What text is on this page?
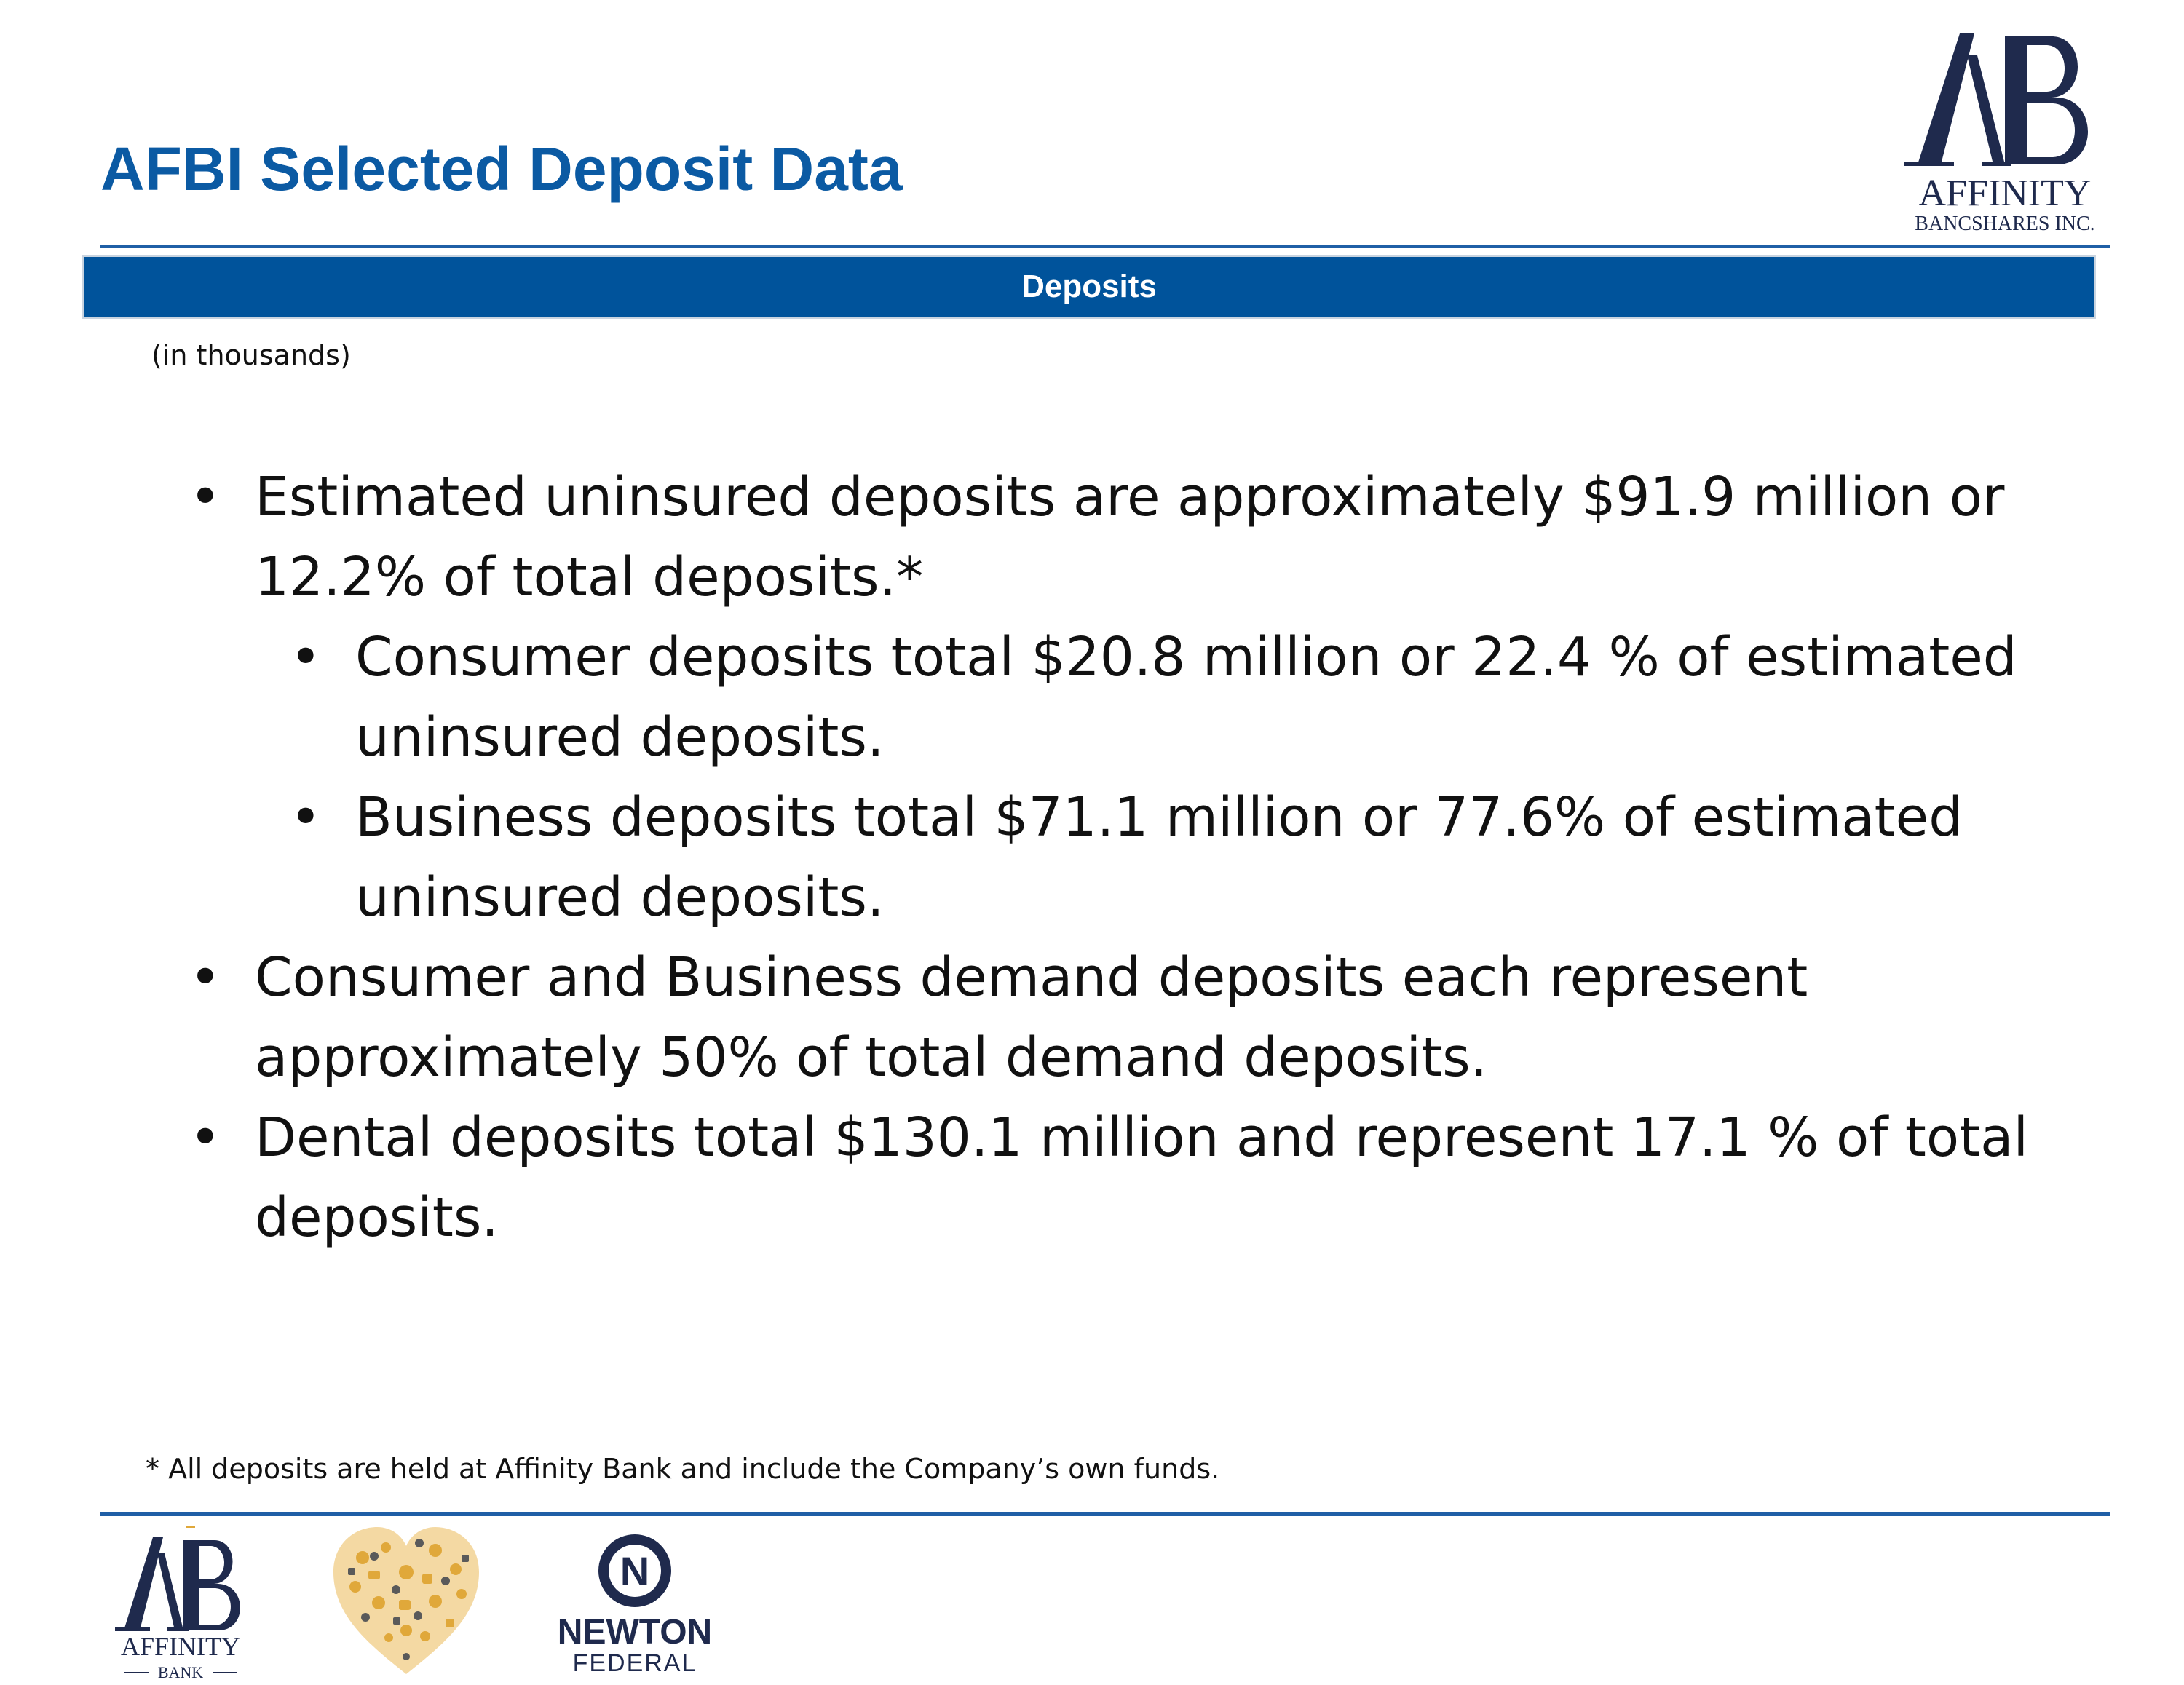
AFBI Selected Deposit Data	AFFINITY
BANCSHARES INC.
Deposits
(in thousands)
• Estimated uninsured deposits are approximately $91.9 million or 12.2% of total deposits.*
• Consumer deposits total $20.8 million or 22.4 % of estimated uninsured deposits.
• Business deposits total $71.1 million or 77.6% of estimated uninsured deposits.
• Consumer and Business demand deposits each represent approximately 50% of total demand deposits.
• Dental deposits total $130.1 million and represent 17.1 % of total deposits.
* All deposits are held at Affinity Bank and include the Company’s own funds.
AFFINITY
BANK
N
NEWTON
FEDERAL
